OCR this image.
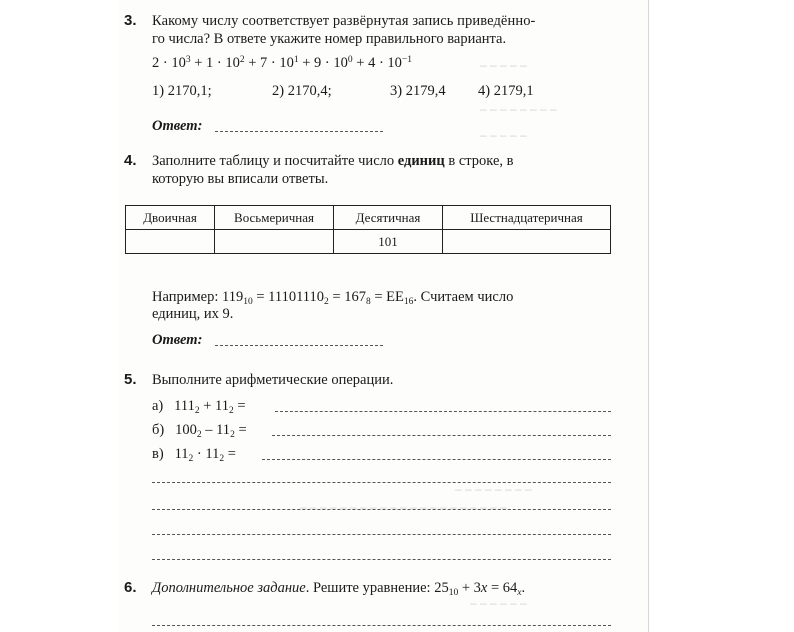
– – – – –
– – – – – – – –
– – – – –
– – – – – – – –
– – – – – – – – – – – – – – – – – – – – –
– – – – – –
3. Какому числу соответствует развёрнутая запись приведённо-
го числа? В ответе укажите номер правильного варианта.
$2 \cdot 10^3 + 1 \cdot 10^2 + 7 \cdot 10^1 + 9 \cdot 10^0 + 4 \cdot 10^{-1}$
1) 2170,1;	2) 2170,4;	3) 2179,4 4) 2179,1
Ответ:
4. Заполните таблицу и посчитайте число единиц в строке, в
которую вы вписали ответы.
Двоичная	Восьмеричная	Десятичная	Шестнадцатеричная
		101	
Например: $119_{10} = 11101110_2 = 167_8 = EE_{16}$. Считаем число
единиц, их 9.
Ответ:
5. Выполните арифметические операции.
а) $111_2 + 11_2$ =
б) $100_2 - 11_2$ =
в) $11_2 \cdot 11_2$ =
6. Дополнительное задание. Решите уравнение: $25_{10} + 3x = 64_x$.
